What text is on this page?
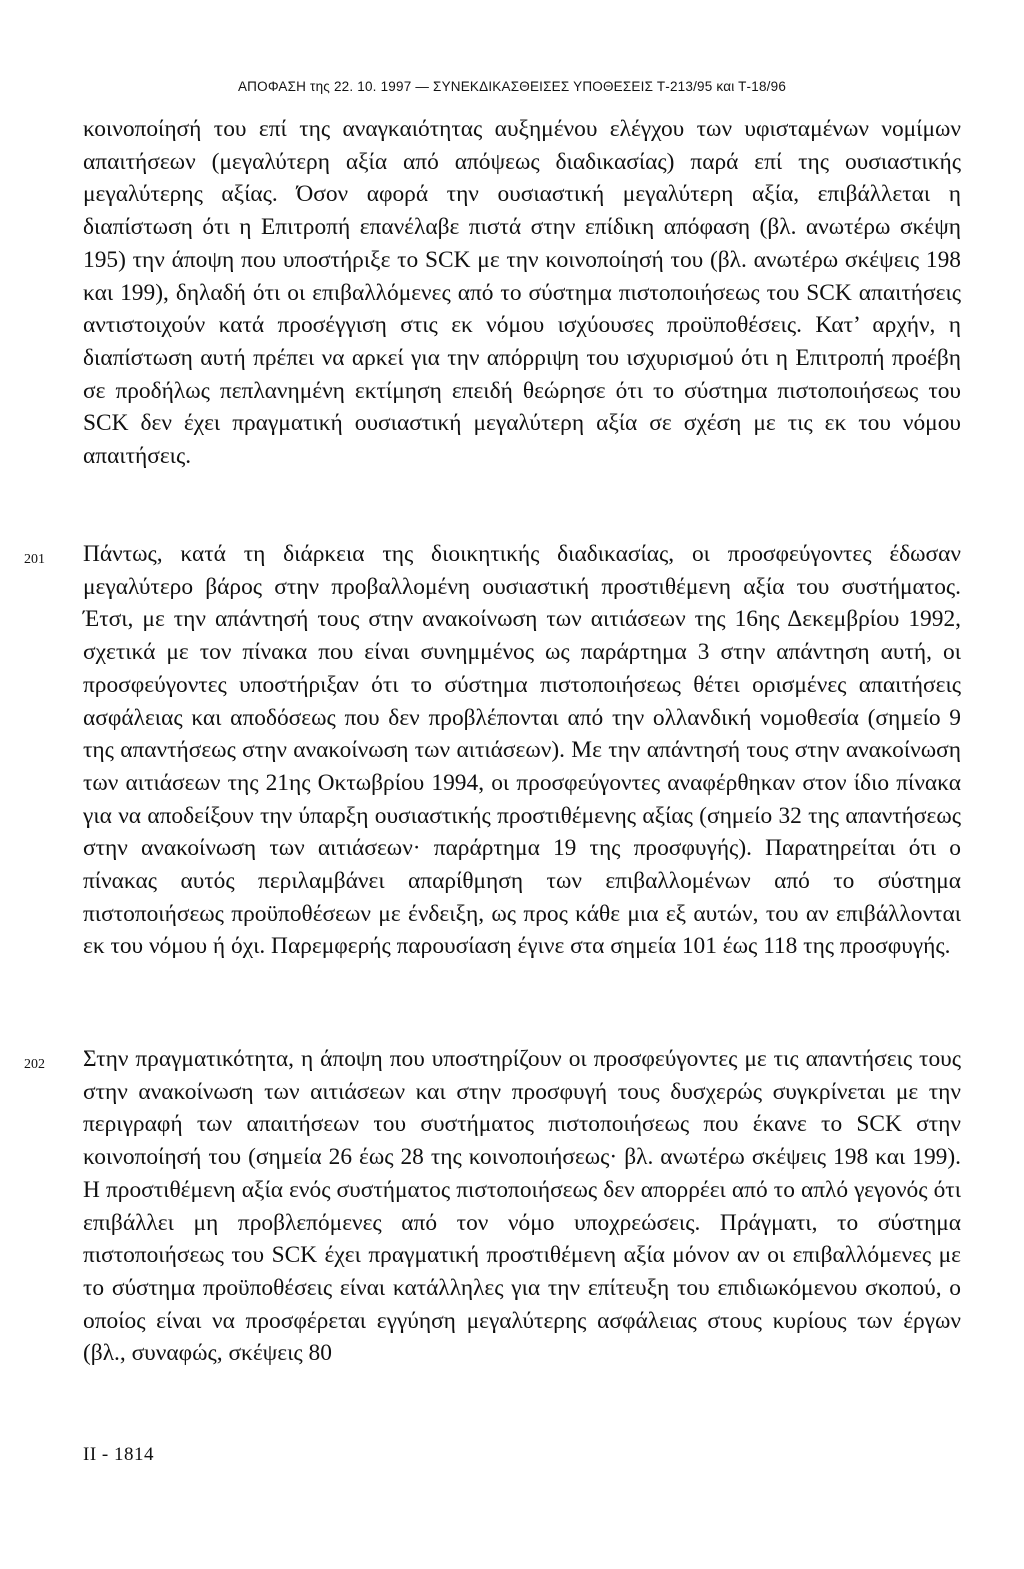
ΑΠΟΦΑΣΗ της 22. 10. 1997 — ΣΥΝΕΚΔΙΚΑΣΘΕΙΣΕΣ ΥΠΟΘΕΣΕΙΣ Τ-213/95 και Τ-18/96

κοινοποίησή του επί της αναγκαιότητας αυξημένου ελέγχου των υφισταμένων νομίμων απαιτήσεων (μεγαλύτερη αξία από απόψεως διαδικασίας) παρά επί της ουσιαστικής μεγαλύτερης αξίας. Όσον αφορά την ουσιαστική μεγαλύτερη αξία, επιβάλλεται η διαπίστωση ότι η Επιτροπή επανέλαβε πιστά στην επίδικη απόφαση (βλ. ανωτέρω σκέψη 195) την άποψη που υποστήριξε το SCK με την κοινοποίησή του (βλ. ανωτέρω σκέψεις 198 και 199), δηλαδή ότι οι επιβαλλόμενες από το σύστημα πιστοποιήσεως του SCK απαιτήσεις αντιστοιχούν κατά προσέγγιση στις εκ νόμου ισχύουσες προϋποθέσεις. Κατ’ αρχήν, η διαπίστωση αυτή πρέπει να αρκεί για την απόρριψη του ισχυρισμού ότι η Επιτροπή προέβη σε προδήλως πεπλανημένη εκτίμηση επειδή θεώρησε ότι το σύστημα πιστοποιήσεως του SCK δεν έχει πραγματική ουσιαστική μεγαλύτερη αξία σε σχέση με τις εκ του νόμου απαιτήσεις.

201 Πάντως, κατά τη διάρκεια της διοικητικής διαδικασίας, οι προσφεύγοντες έδωσαν μεγαλύτερο βάρος στην προβαλλομένη ουσιαστική προστιθέμενη αξία του συστήματος. Έτσι, με την απάντησή τους στην ανακοίνωση των αιτιάσεων της 16ης Δεκεμβρίου 1992, σχετικά με τον πίνακα που είναι συνημμένος ως παράρτημα 3 στην απάντηση αυτή, οι προσφεύγοντες υποστήριξαν ότι το σύστημα πιστοποιήσεως θέτει ορισμένες απαιτήσεις ασφάλειας και αποδόσεως που δεν προβλέπονται από την ολλανδική νομοθεσία (σημείο 9 της απαντήσεως στην ανακοίνωση των αιτιάσεων). Με την απάντησή τους στην ανακοίνωση των αιτιάσεων της 21ης Οκτωβρίου 1994, οι προσφεύγοντες αναφέρθηκαν στον ίδιο πίνακα για να αποδείξουν την ύπαρξη ουσιαστικής προστιθέμενης αξίας (σημείο 32 της απαντήσεως στην ανακοίνωση των αιτιάσεων· παράρτημα 19 της προσφυγής). Παρατηρείται ότι ο πίνακας αυτός περιλαμβάνει απαρίθμηση των επιβαλλομένων από το σύστημα πιστοποιήσεως προϋποθέσεων με ένδειξη, ως προς κάθε μια εξ αυτών, του αν επιβάλλονται εκ του νόμου ή όχι. Παρεμφερής παρουσίαση έγινε στα σημεία 101 έως 118 της προσφυγής.

202 Στην πραγματικότητα, η άποψη που υποστηρίζουν οι προσφεύγοντες με τις απαντήσεις τους στην ανακοίνωση των αιτιάσεων και στην προσφυγή τους δυσχερώς συγκρίνεται με την περιγραφή των απαιτήσεων του συστήματος πιστοποιήσεως που έκανε το SCK στην κοινοποίησή του (σημεία 26 έως 28 της κοινοποιήσεως· βλ. ανωτέρω σκέψεις 198 και 199). Η προστιθέμενη αξία ενός συστήματος πιστοποιήσεως δεν απορρέει από το απλό γεγονός ότι επιβάλλει μη προβλεπόμενες από τον νόμο υποχρεώσεις. Πράγματι, το σύστημα πιστοποιήσεως του SCK έχει πραγματική προστιθέμενη αξία μόνον αν οι επιβαλλόμενες με το σύστημα προϋποθέσεις είναι κατάλληλες για την επίτευξη του επιδιωκόμενου σκοπού, ο οποίος είναι να προσφέρεται εγγύηση μεγαλύτερης ασφάλειας στους κυρίους των έργων (βλ., συναφώς, σκέψεις 80

II - 1814
